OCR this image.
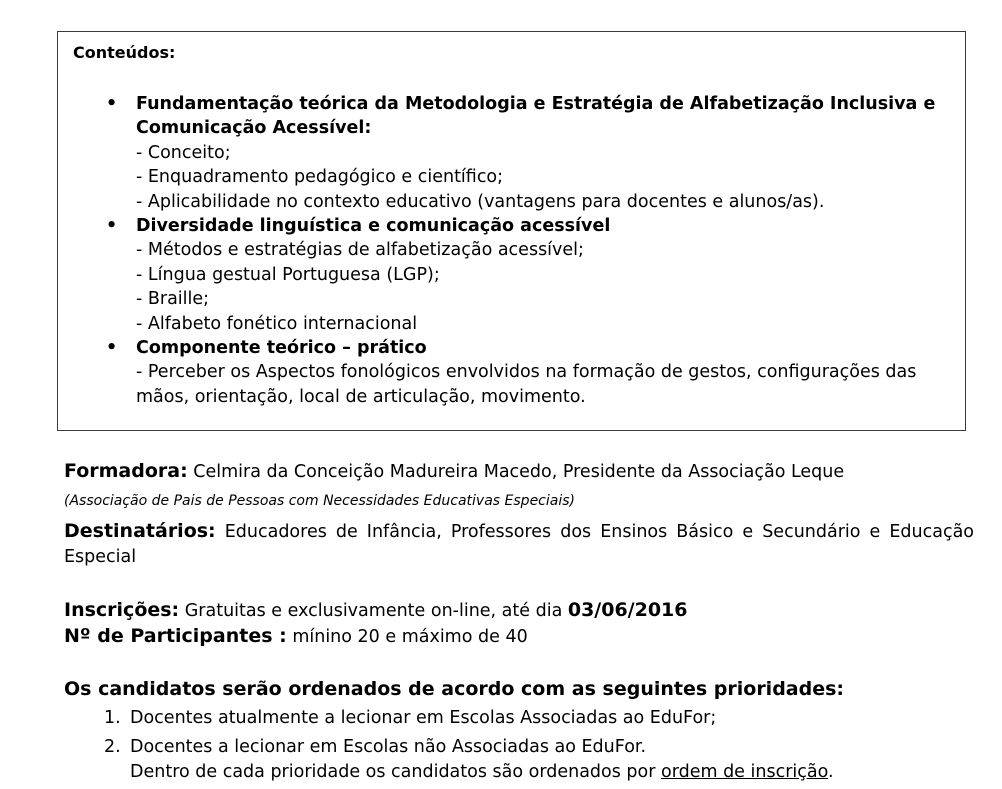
Conteúdos:

• Fundamentação teórica da Metodologia e Estratégia de Alfabetização Inclusiva e Comunicação Acessível:
- Conceito;
- Enquadramento pedagógico e científico;
- Aplicabilidade no contexto educativo (vantagens para docentes e alunos/as).
• Diversidade linguística e comunicação acessível
- Métodos e estratégias de alfabetização acessível;
- Língua gestual Portuguesa (LGP);
- Braille;
- Alfabeto fonético internacional
• Componente teórico – prático
- Perceber os Aspectos fonológicos envolvidos na formação de gestos, configurações das mãos, orientação, local de articulação, movimento.
Formadora: Celmira da Conceição Madureira Macedo, Presidente da Associação Leque
(Associação de Pais de Pessoas com Necessidades Educativas Especiais)
Destinatários: Educadores de Infância, Professores dos Ensinos Básico e Secundário e Educação Especial
Inscrições: Gratuitas e exclusivamente on-line, até dia 03/06/2016
Nº de Participantes : mínino 20 e máximo de 40
Os candidatos serão ordenados de acordo com as seguintes prioridades:
1. Docentes atualmente a lecionar em Escolas Associadas ao EduFor;
2. Docentes a lecionar em Escolas não Associadas ao EduFor.
Dentro de cada prioridade os candidatos são ordenados por ordem de inscrição.
